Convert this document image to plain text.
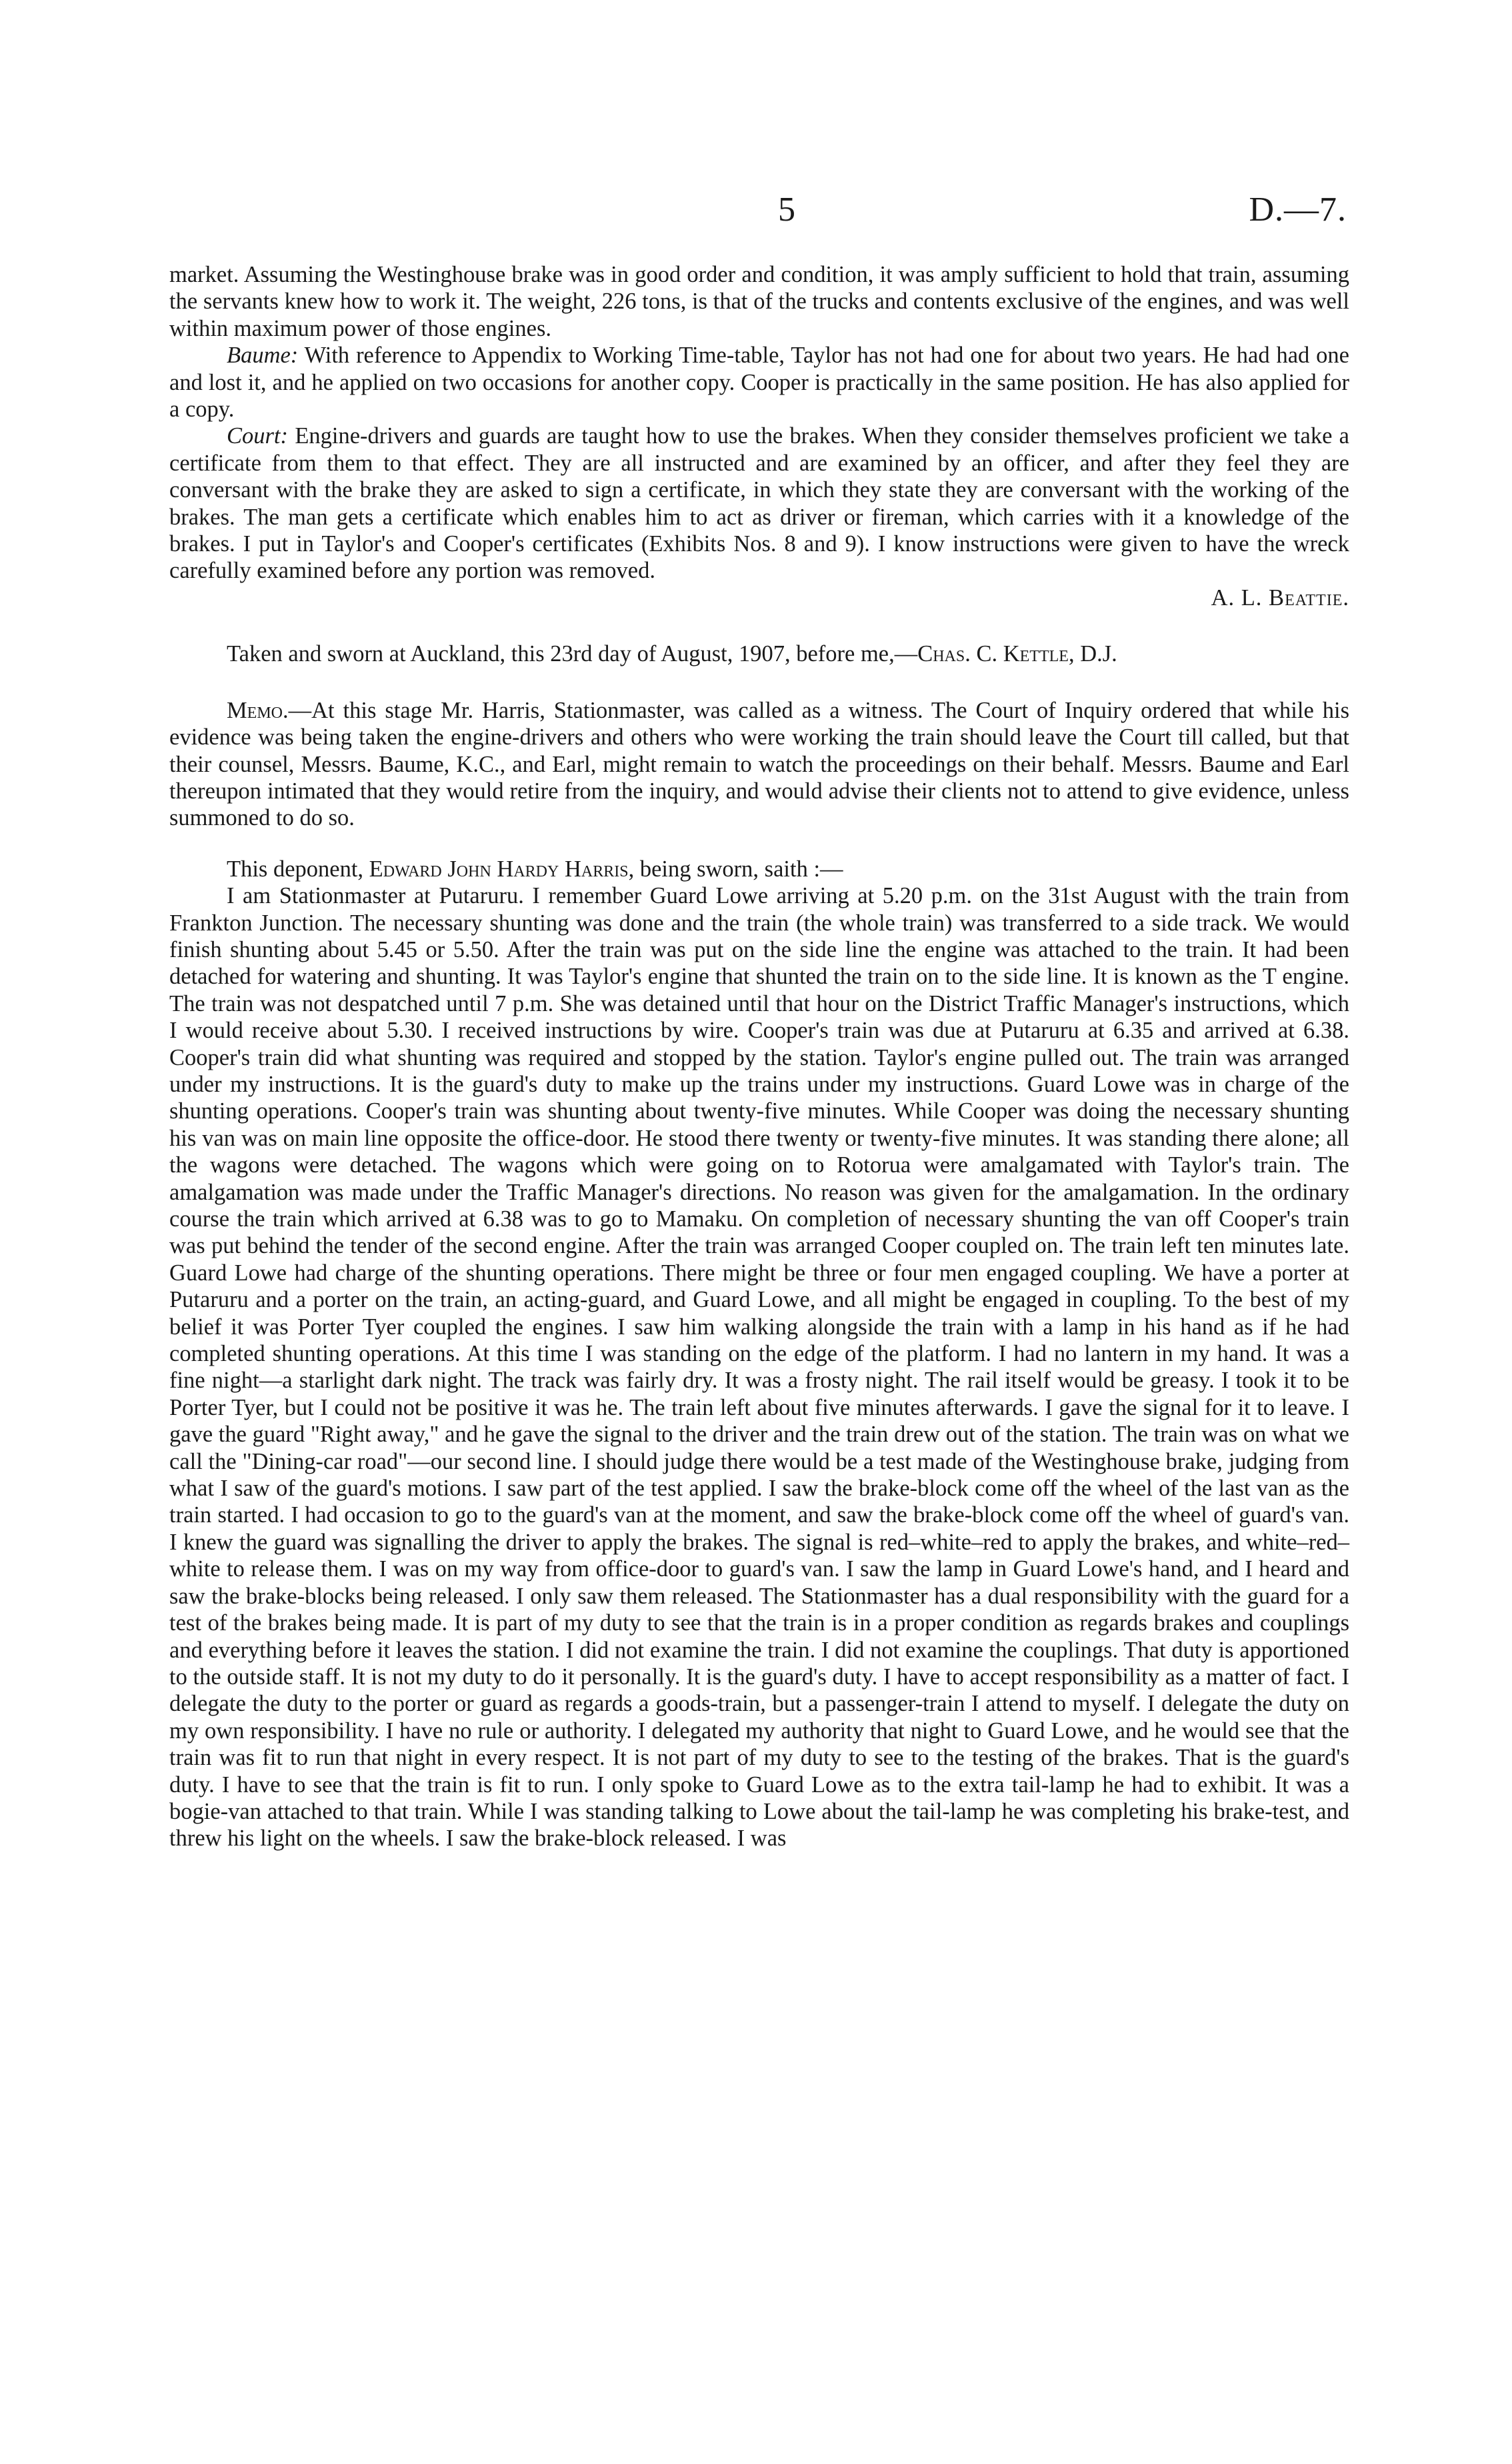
5	D.—7.

market. Assuming the Westinghouse brake was in good order and condition, it was amply sufficient to hold that train, assuming the servants knew how to work it. The weight, 226 tons, is that of the trucks and contents exclusive of the engines, and was well within maximum power of those engines.

Baume: With reference to Appendix to Working Time-table, Taylor has not had one for about two years. He had had one and lost it, and he applied on two occasions for another copy. Cooper is practically in the same position. He has also applied for a copy.

Court: Engine-drivers and guards are taught how to use the brakes. When they consider themselves proficient we take a certificate from them to that effect. They are all instructed and are examined by an officer, and after they feel they are conversant with the brake they are asked to sign a certificate, in which they state they are conversant with the working of the brakes. The man gets a certificate which enables him to act as driver or fireman, which carries with it a knowledge of the brakes. I put in Taylor's and Cooper's certificates (Exhibits Nos. 8 and 9). I know instructions were given to have the wreck carefully examined before any portion was removed.

A. L. Beattie.

Taken and sworn at Auckland, this 23rd day of August, 1907, before me,—Chas. C. Kettle, D.J.

Memo.—At this stage Mr. Harris, Stationmaster, was called as a witness. The Court of Inquiry ordered that while his evidence was being taken the engine-drivers and others who were working the train should leave the Court till called, but that their counsel, Messrs. Baume, K.C., and Earl, might remain to watch the proceedings on their behalf. Messrs. Baume and Earl thereupon intimated that they would retire from the inquiry, and would advise their clients not to attend to give evidence, unless summoned to do so.

This deponent, Edward John Hardy Harris, being sworn, saith :—

I am Stationmaster at Putaruru. I remember Guard Lowe arriving at 5.20 p.m. on the 31st August with the train from Frankton Junction. The necessary shunting was done and the train (the whole train) was transferred to a side track. We would finish shunting about 5.45 or 5.50. After the train was put on the side line the engine was attached to the train. It had been detached for watering and shunting. It was Taylor's engine that shunted the train on to the side line. It is known as the T engine. The train was not despatched until 7 p.m. She was detained until that hour on the District Traffic Manager's instructions, which I would receive about 5.30. I received instructions by wire. Cooper's train was due at Putaruru at 6.35 and arrived at 6.38. Cooper's train did what shunting was required and stopped by the station. Taylor's engine pulled out. The train was arranged under my instructions. It is the guard's duty to make up the trains under my instructions. Guard Lowe was in charge of the shunting operations. Cooper's train was shunting about twenty-five minutes. While Cooper was doing the necessary shunting his van was on main line opposite the office-door. He stood there twenty or twenty-five minutes. It was standing there alone; all the wagons were detached. The wagons which were going on to Rotorua were amalgamated with Taylor's train. The amalgamation was made under the Traffic Manager's directions. No reason was given for the amalgamation. In the ordinary course the train which arrived at 6.38 was to go to Mamaku. On completion of necessary shunting the van off Cooper's train was put behind the tender of the second engine. After the train was arranged Cooper coupled on. The train left ten minutes late. Guard Lowe had charge of the shunting operations. There might be three or four men engaged coupling. We have a porter at Putaruru and a porter on the train, an acting-guard, and Guard Lowe, and all might be engaged in coupling. To the best of my belief it was Porter Tyer coupled the engines. I saw him walking alongside the train with a lamp in his hand as if he had completed shunting operations. At this time I was standing on the edge of the platform. I had no lantern in my hand. It was a fine night—a starlight dark night. The track was fairly dry. It was a frosty night. The rail itself would be greasy. I took it to be Porter Tyer, but I could not be positive it was he. The train left about five minutes afterwards. I gave the signal for it to leave. I gave the guard "Right away," and he gave the signal to the driver and the train drew out of the station. The train was on what we call the "Dining-car road"—our second line. I should judge there would be a test made of the Westinghouse brake, judging from what I saw of the guard's motions. I saw part of the test applied. I saw the brake-block come off the wheel of the last van as the train started. I had occasion to go to the guard's van at the moment, and saw the brake-block come off the wheel of guard's van. I knew the guard was signalling the driver to apply the brakes. The signal is red–white–red to apply the brakes, and white–red–white to release them. I was on my way from office-door to guard's van. I saw the lamp in Guard Lowe's hand, and I heard and saw the brake-blocks being released. I only saw them released. The Stationmaster has a dual responsibility with the guard for a test of the brakes being made. It is part of my duty to see that the train is in a proper condition as regards brakes and couplings and everything before it leaves the station. I did not examine the train. I did not examine the couplings. That duty is apportioned to the outside staff. It is not my duty to do it personally. It is the guard's duty. I have to accept responsibility as a matter of fact. I delegate the duty to the porter or guard as regards a goods-train, but a passenger-train I attend to myself. I delegate the duty on my own responsibility. I have no rule or authority. I delegated my authority that night to Guard Lowe, and he would see that the train was fit to run that night in every respect. It is not part of my duty to see to the testing of the brakes. That is the guard's duty. I have to see that the train is fit to run. I only spoke to Guard Lowe as to the extra tail-lamp he had to exhibit. It was a bogie-van attached to that train. While I was standing talking to Lowe about the tail-lamp he was completing his brake-test, and threw his light on the wheels. I saw the brake-block released. I was
